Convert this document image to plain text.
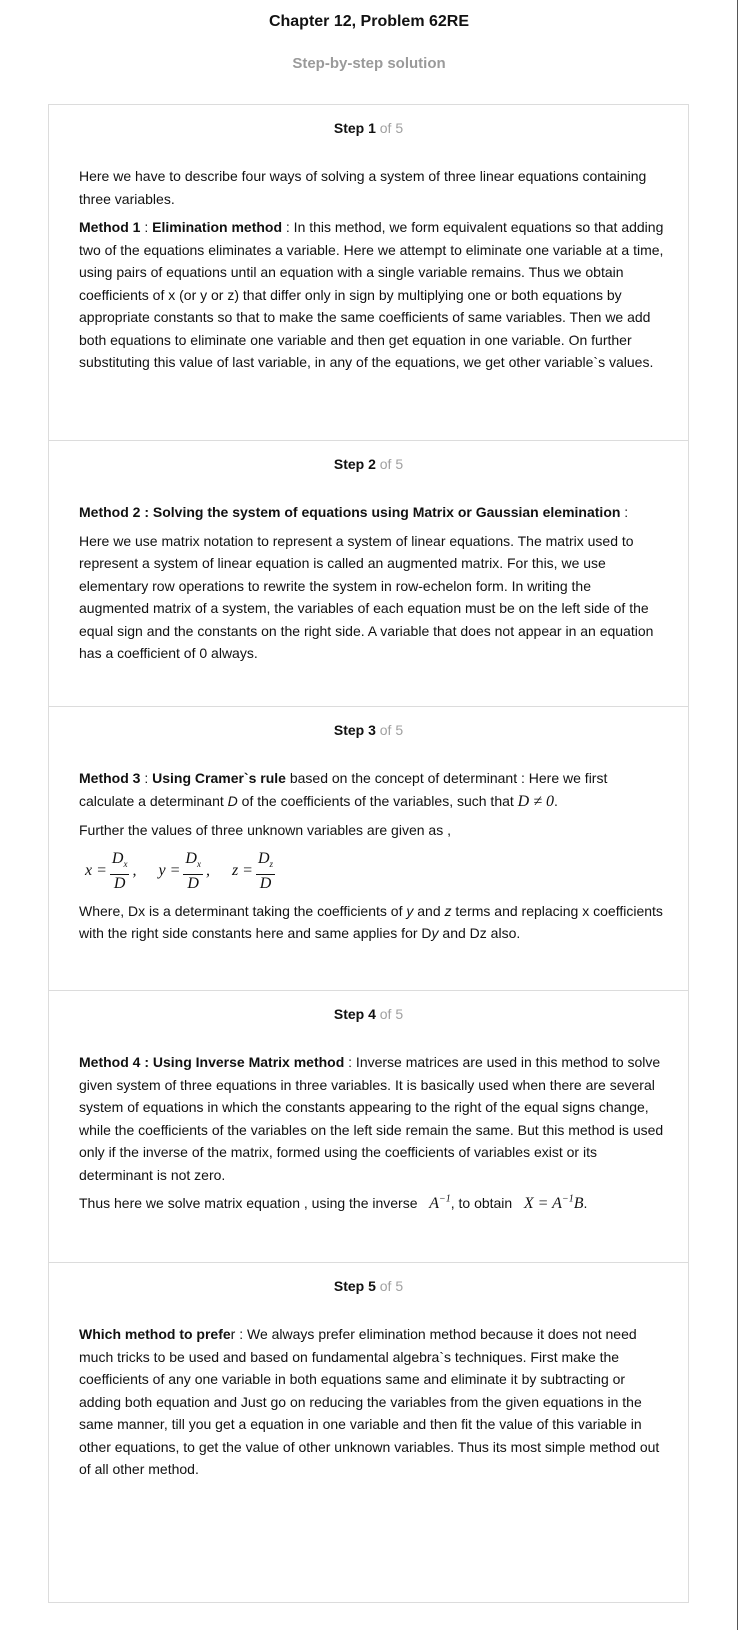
Chapter 12, Problem 62RE
Step-by-step solution
Step 1 of 5

Here we have to describe four ways of solving a system of three linear equations containing three variables.

Method 1 : Elimination method : In this method, we form equivalent equations so that adding two of the equations eliminates a variable. Here we attempt to eliminate one variable at a time, using pairs of equations until an equation with a single variable remains. Thus we obtain coefficients of x (or y or z) that differ only in sign by multiplying one or both equations by appropriate constants so that to make the same coefficients of same variables. Then we add both equations to eliminate one variable and then get equation in one variable. On further substituting this value of last variable, in any of the equations, we get other variable`s values.

Step 2 of 5

Method 2 : Solving the system of equations using Matrix or Gaussian elemination :

Here we use matrix notation to represent a system of linear equations. The matrix used to represent a system of linear equation is called an augmented matrix. For this, we use elementary row operations to rewrite the system in row-echelon form. In writing the augmented matrix of a system, the variables of each equation must be on the left side of the equal sign and the constants on the right side. A variable that does not appear in an equation has a coefficient of 0 always.

Step 3 of 5

Method 3 : Using Cramer`s rule based on the concept of determinant : Here we first calculate a determinant D of the coefficients of the variables, such that D ≠ 0.

Further the values of three unknown variables are given as ,

$x = \frac{D_x}{D}$ , $y = \frac{D_x}{D}$ , $z = \frac{D_z}{D}$

Where, Dx is a determinant taking the coefficients of y and z terms and replacing x coefficients with the right side constants here and same applies for Dy and Dz also.

Step 4 of 5

Method 4 : Using Inverse Matrix method : Inverse matrices are used in this method to solve given system of three equations in three variables. It is basically used when there are several system of equations in which the constants appearing to the right of the equal signs change, while the coefficients of the variables on the left side remain the same. But this method is used only if the inverse of the matrix, formed using the coefficients of variables exist or its determinant is not zero.

Thus here we solve matrix equation , using the inverse $A^{-1}$, to obtain $X = A^{-1}B$.

Step 5 of 5

Which method to prefer : We always prefer elimination method because it does not need much tricks to be used and based on fundamental algebra`s techniques. First make the coefficients of any one variable in both equations same and eliminate it by subtracting or adding both equation and Just go on reducing the variables from the given equations in the same manner, till you get a equation in one variable and then fit the value of this variable in other equations, to get the value of other unknown variables. Thus its most simple method out of all other method.
